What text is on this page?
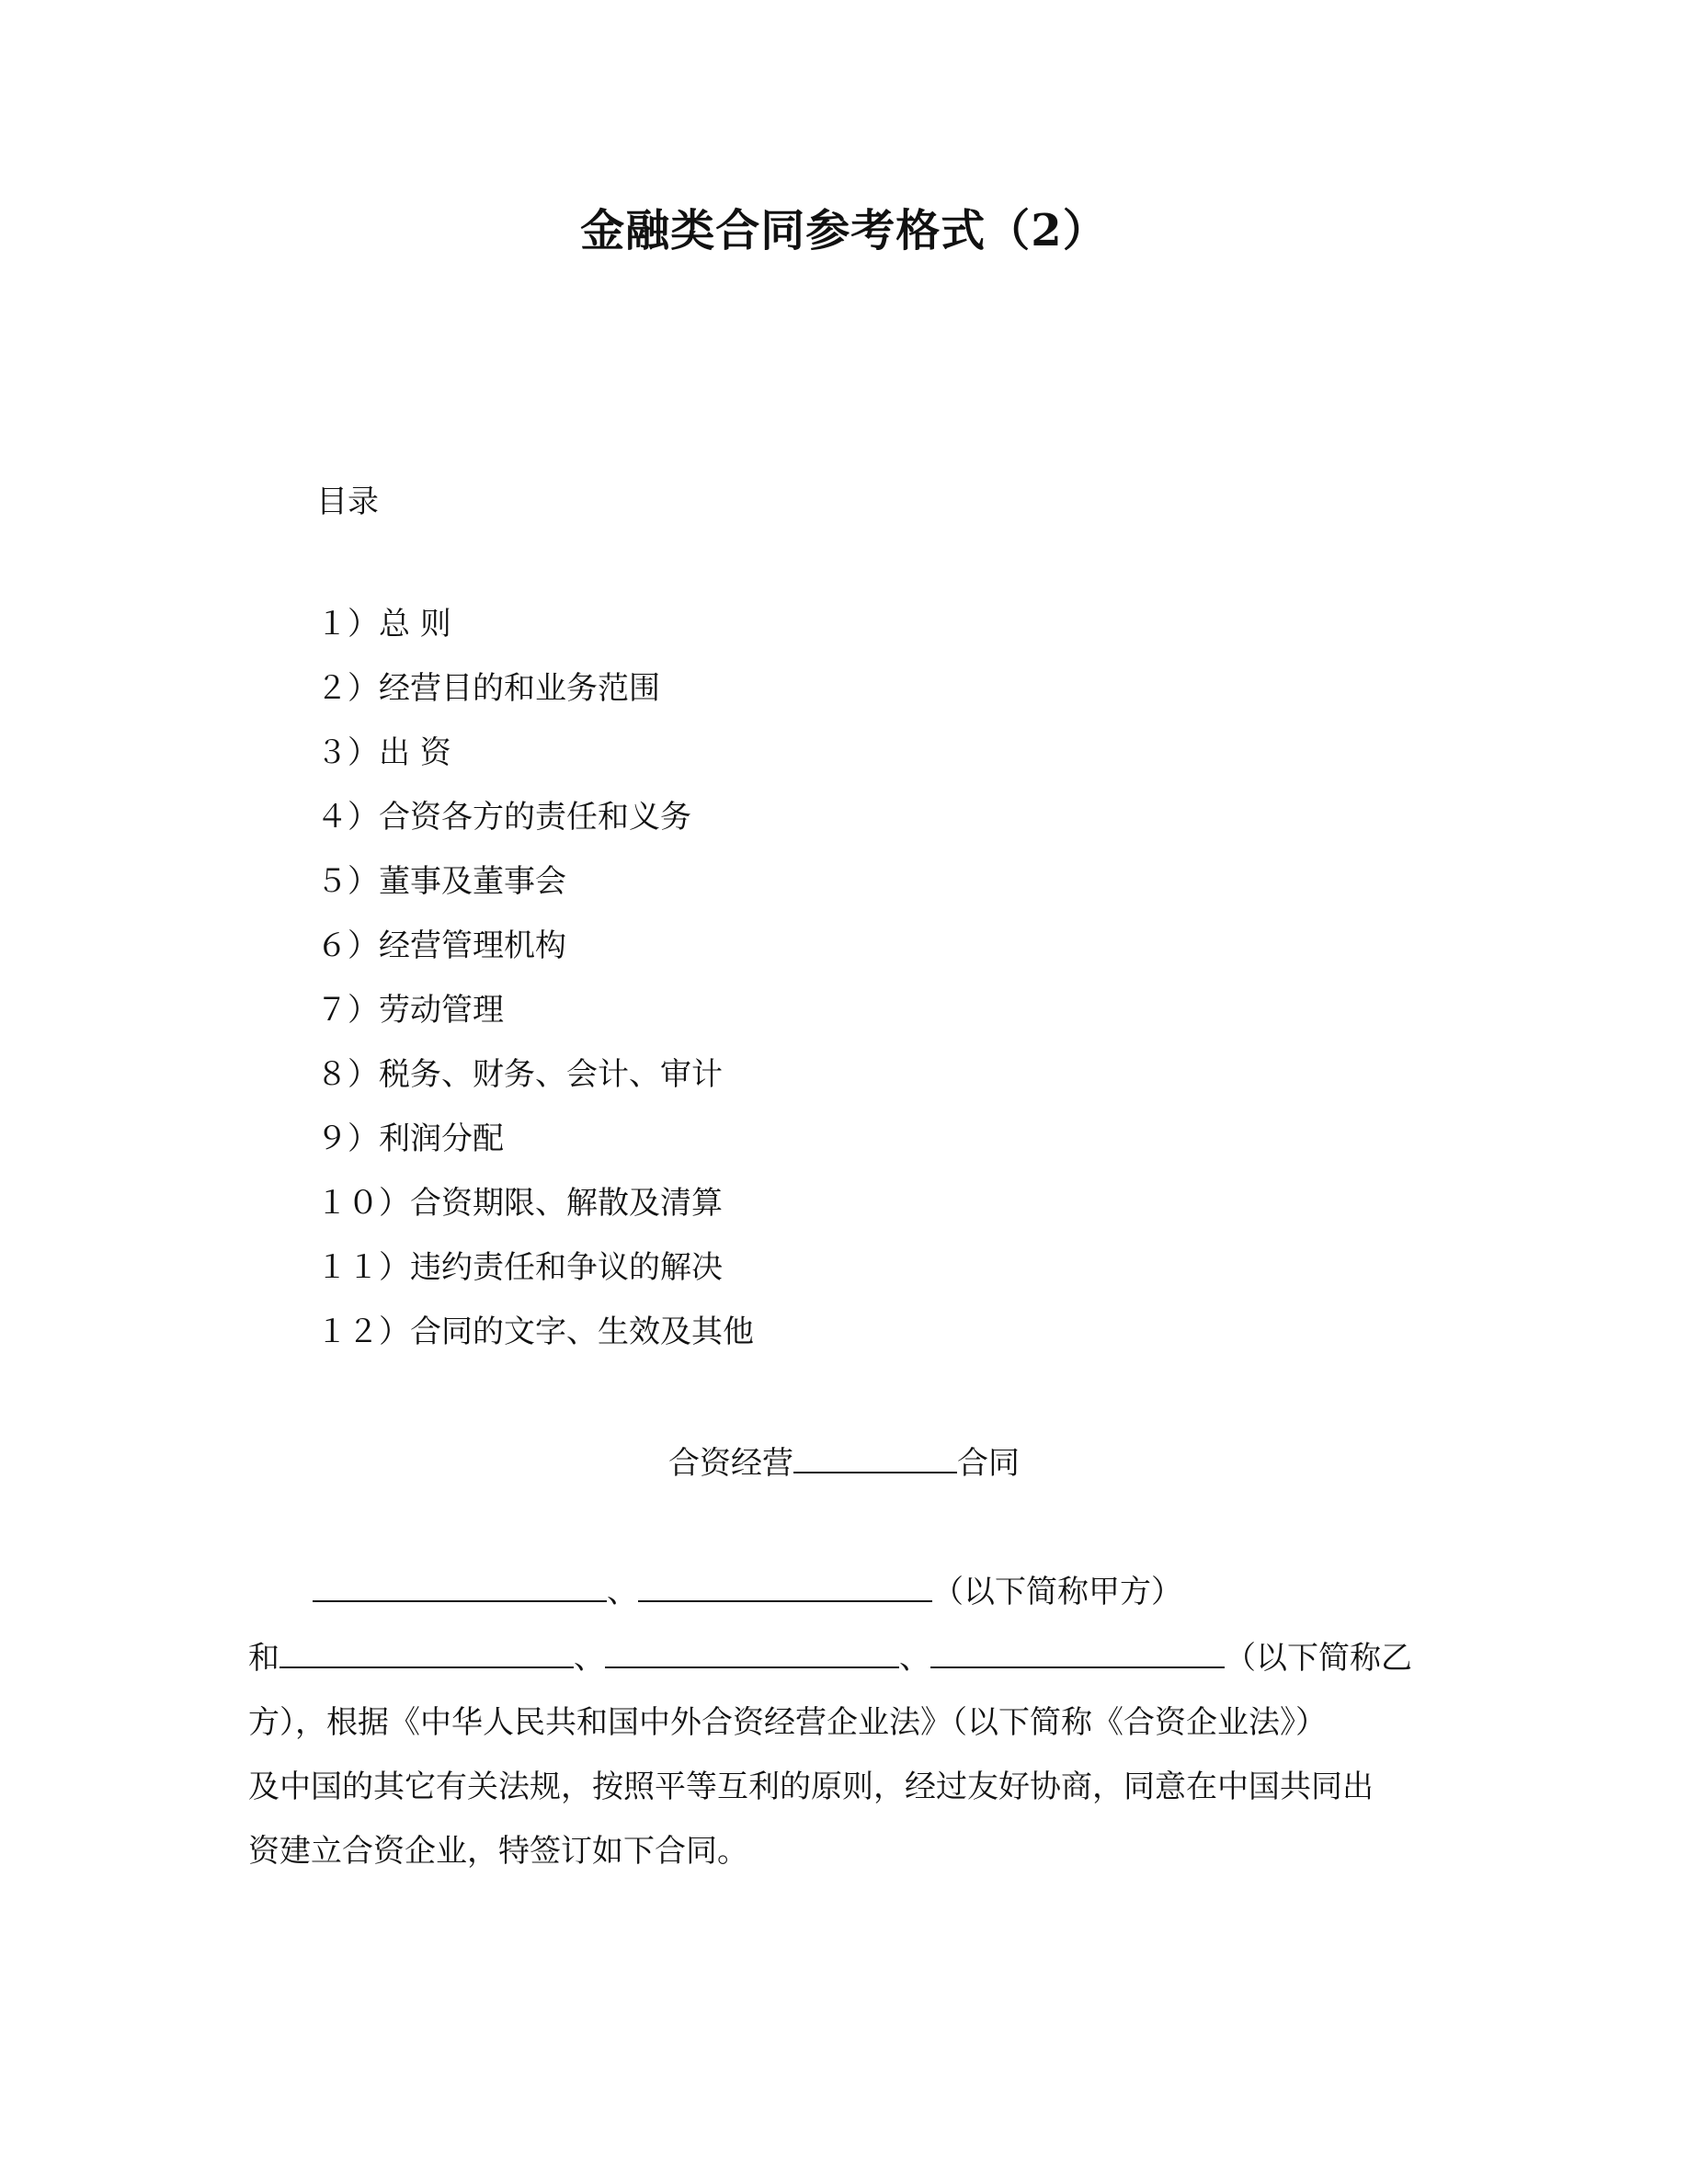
金融类合同参考格式（2）
目录
１）总 则
２）经营目的和业务范围
３）出 资
４）合资各方的责任和义务
５）董事及董事会
６）经营管理机构
７）劳动管理
８）税务、财务、会计、审计
９）利润分配
１０）合资期限、解散及清算
１１）违约责任和争议的解决
１２）合同的文字、生效及其他
合资经营	合同
、	（以下简称甲方）
和	、	、	（以下简称乙
方），根据《中华人民共和国中外合资经营企业法》（以下简称《合资企业法》）
及中国的其它有关法规，按照平等互利的原则，经过友好协商，同意在中国共同出
资建立合资企业，特签订如下合同。
